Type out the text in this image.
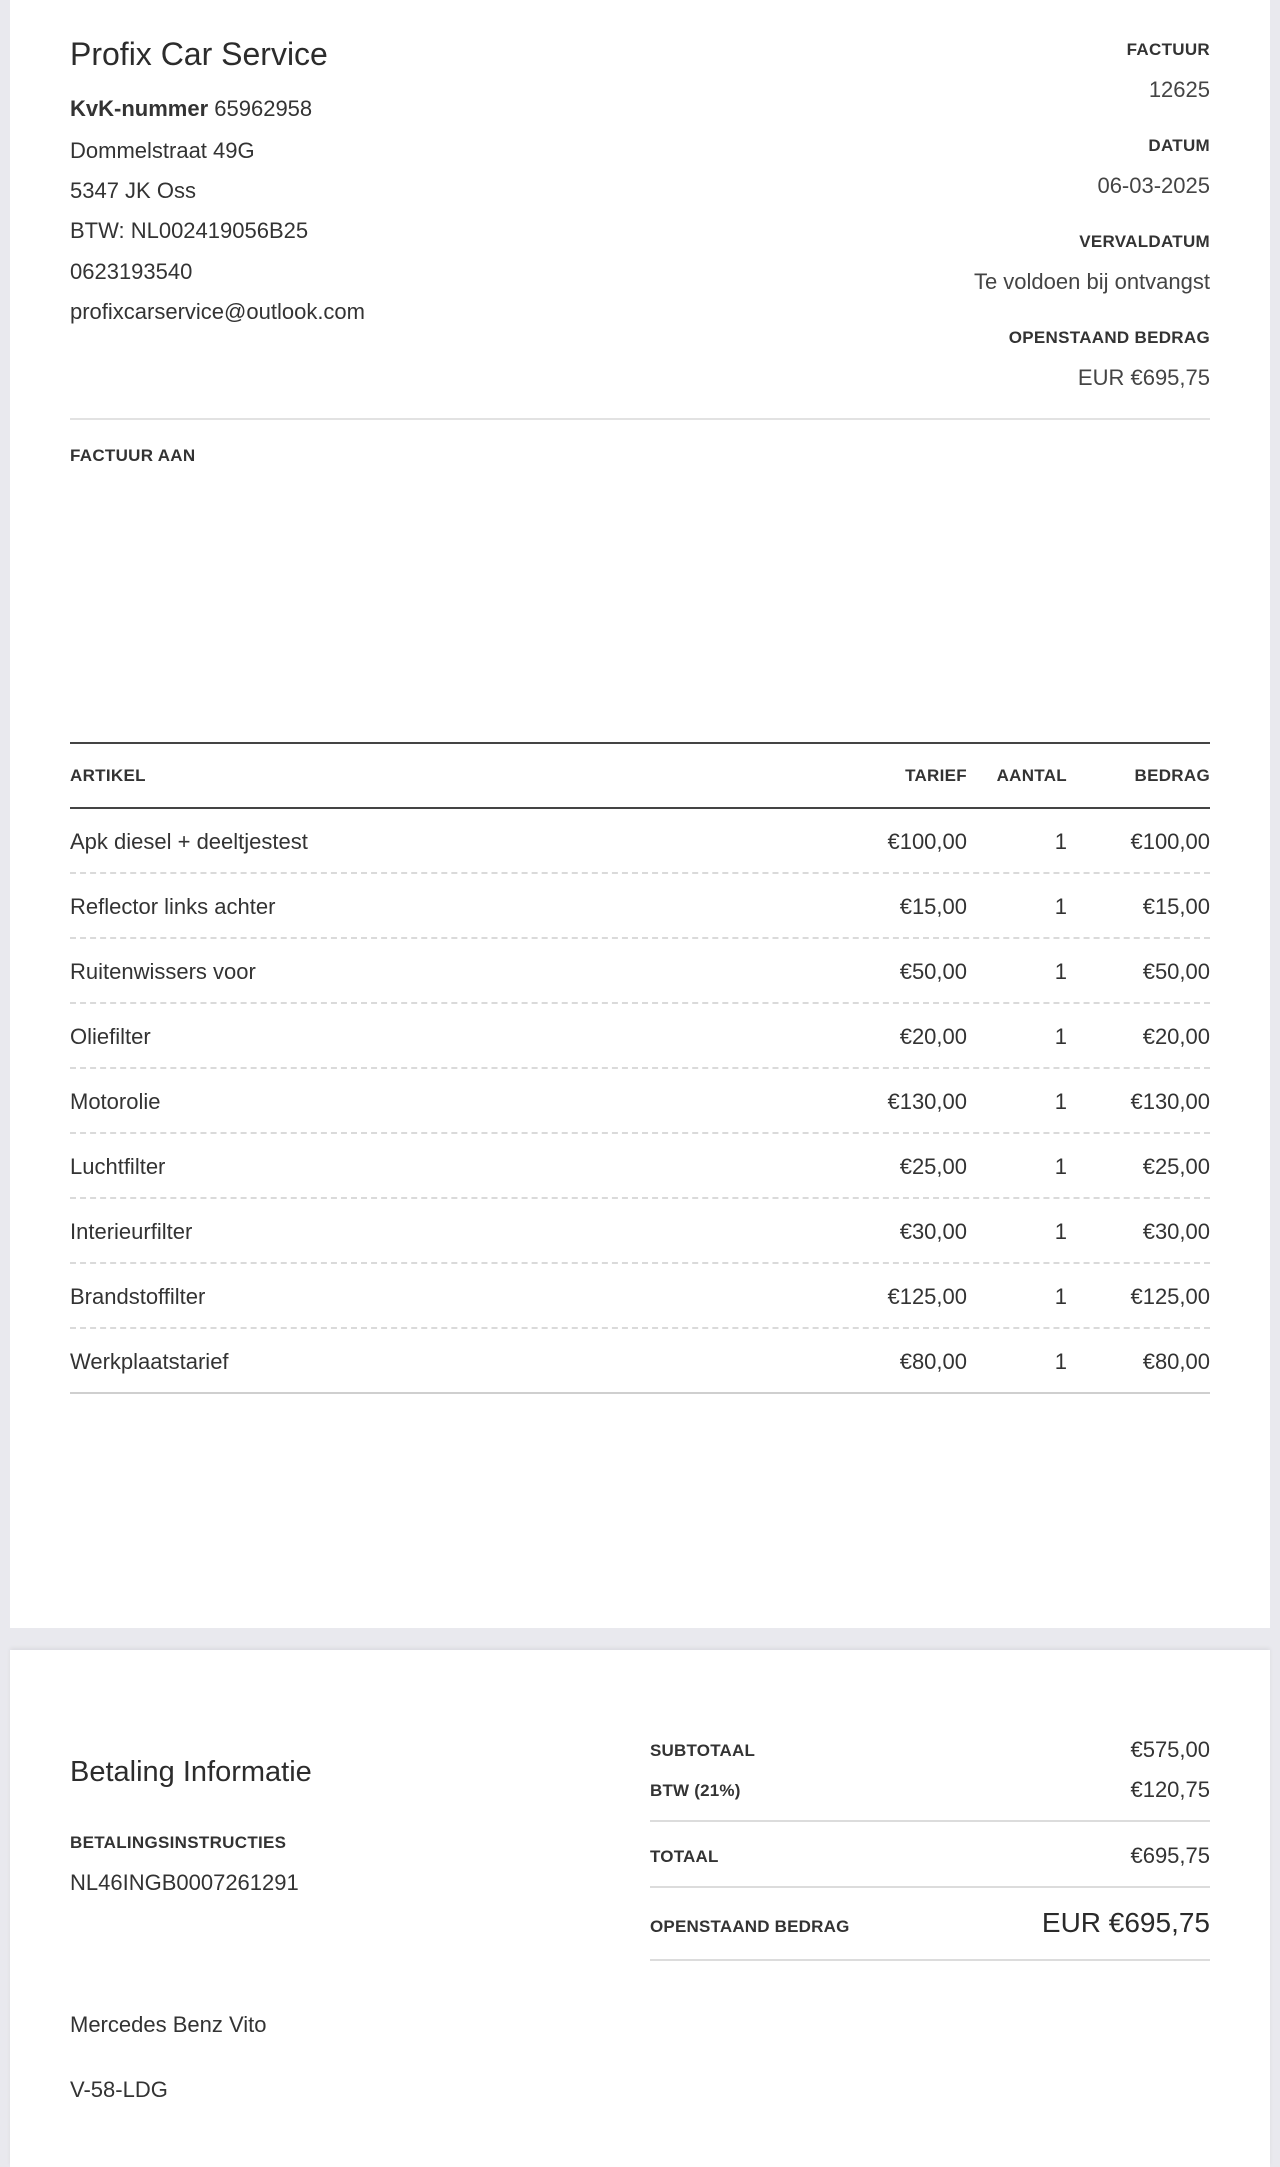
Profix Car Service
KvK-nummer 65962958
Dommelstraat 49G
5347 JK Oss
BTW: NL002419056B25
0623193540
profixcarservice@outlook.com
FACTUUR
12625
DATUM
06-03-2025
VERVALDATUM
Te voldoen bij ontvangst
OPENSTAAND BEDRAG
EUR €695,75
FACTUUR AAN
ARTIKEL	TARIEF AANTAL	BEDRAG
Apk diesel + deeltjestest	€100,00	1	€100,00
Reflector links achter	€15,00	1	€15,00
Ruitenwissers voor	€50,00	1	€50,00
Oliefilter	€20,00	1	€20,00
Motorolie	€130,00	1	€130,00
Luchtfilter	€25,00	1	€25,00
Interieurfilter	€30,00	1	€30,00
Brandstoffilter	€125,00	1	€125,00
Werkplaatstarief	€80,00	1	€80,00
Betaling Informatie
BETALINGSINSTRUCTIES
NL46INGB0007261291
Mercedes Benz Vito
V-58-LDG
SUBTOTAAL	€575,00
BTW (21%)	€120,75
TOTAAL	€695,75
OPENSTAAND BEDRAG	EUR €695,75
